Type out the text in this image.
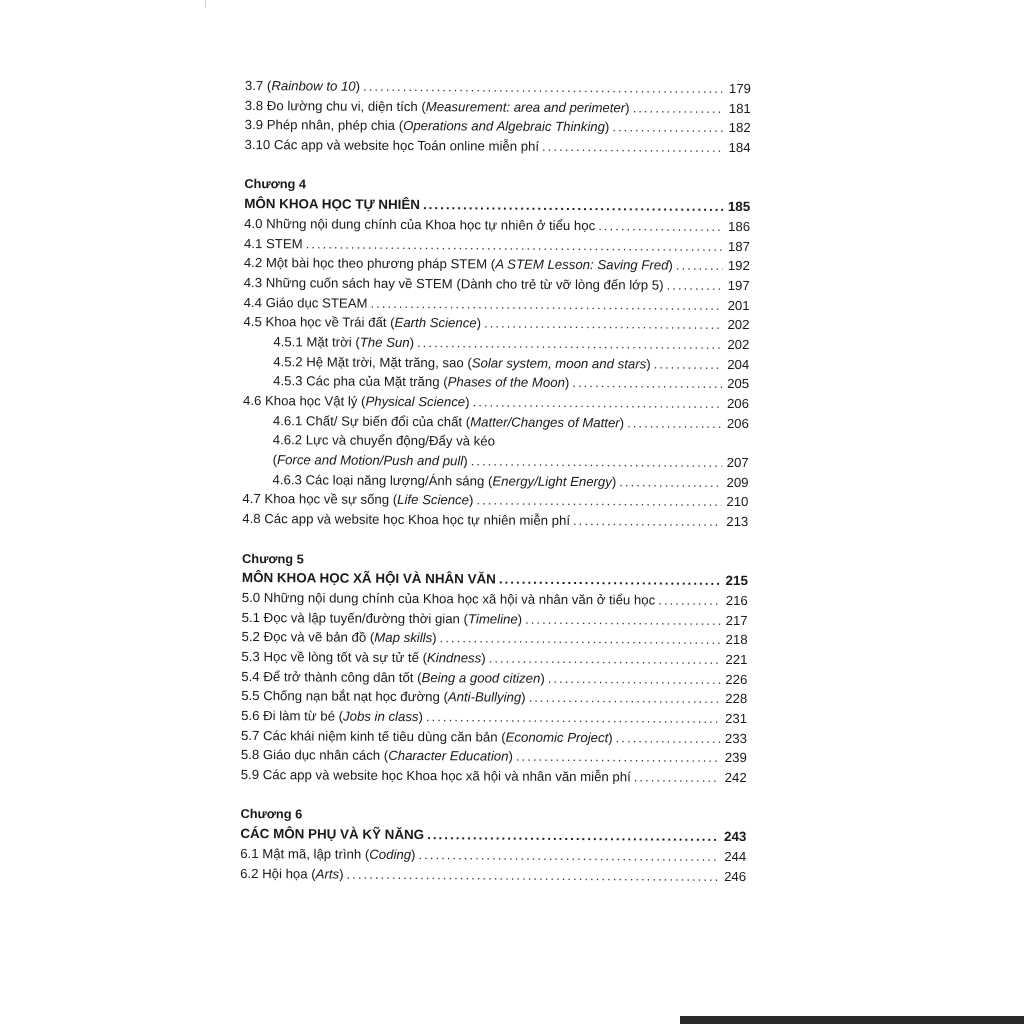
3.7 (Rainbow to 10) .....	179
3.8 Đo lường chu vi, diện tích (Measurement: area and perimeter) .....	181
3.9 Phép nhân, phép chia (Operations and Algebraic Thinking) .....	182
3.10 Các app và website học Toán online miễn phí .....	184
Chương 4
MÔN KHOA HỌC TỰ NHIÊN .....	185
4.0 Những nội dung chính của Khoa học tự nhiên ở tiểu học .....	186
4.1 STEM .....	187
4.2 Một bài học theo phương pháp STEM (A STEM Lesson: Saving Fred) .....	192
4.3 Những cuốn sách hay về STEM (Dành cho trẻ từ vỡ lòng đến lớp 5) .....	197
4.4 Giáo dục STEAM .....	201
4.5 Khoa học về Trái đất (Earth Science) .....	202
4.5.1 Mặt trời (The Sun) .....	202
4.5.2 Hệ Mặt trời, Mặt trăng, sao (Solar system, moon and stars) .....	204
4.5.3 Các pha của Mặt trăng (Phases of the Moon) .....	205
4.6 Khoa học Vật lý (Physical Science) .....	206
4.6.1 Chất/ Sự biến đổi của chất (Matter/Changes of Matter) .....	206
4.6.2 Lực và chuyển động/Đẩy và kéo
(Force and Motion/Push and pull) .....	207
4.6.3 Các loại năng lượng/Ánh sáng (Energy/Light Energy) .....	209
4.7 Khoa học về sự sống (Life Science) .....	210
4.8 Các app và website học Khoa học tự nhiên miễn phí .....	213
Chương 5
MÔN KHOA HỌC XÃ HỘI VÀ NHÂN VĂN .....	215
5.0 Những nội dung chính của Khoa học xã hội và nhân văn ở tiểu học .....	216
5.1 Đọc và lập tuyến/đường thời gian (Timeline) .....	217
5.2 Đọc và vẽ bản đồ (Map skills) .....	218
5.3 Học về lòng tốt và sự tử tế (Kindness) .....	221
5.4 Để trở thành công dân tốt (Being a good citizen) .....	226
5.5 Chống nạn bắt nạt học đường (Anti-Bullying) .....	228
5.6 Đi làm từ bé (Jobs in class) .....	231
5.7 Các khái niệm kinh tế tiêu dùng căn bản (Economic Project) .....	233
5.8 Giáo dục nhân cách (Character Education) .....	239
5.9 Các app và website học Khoa học xã hội và nhân văn miễn phí .....	242
Chương 6
CÁC MÔN PHỤ VÀ KỸ NĂNG .....	243
6.1 Mật mã, lập trình (Coding) .....	244
6.2 Hội họa (Arts) .....	246
